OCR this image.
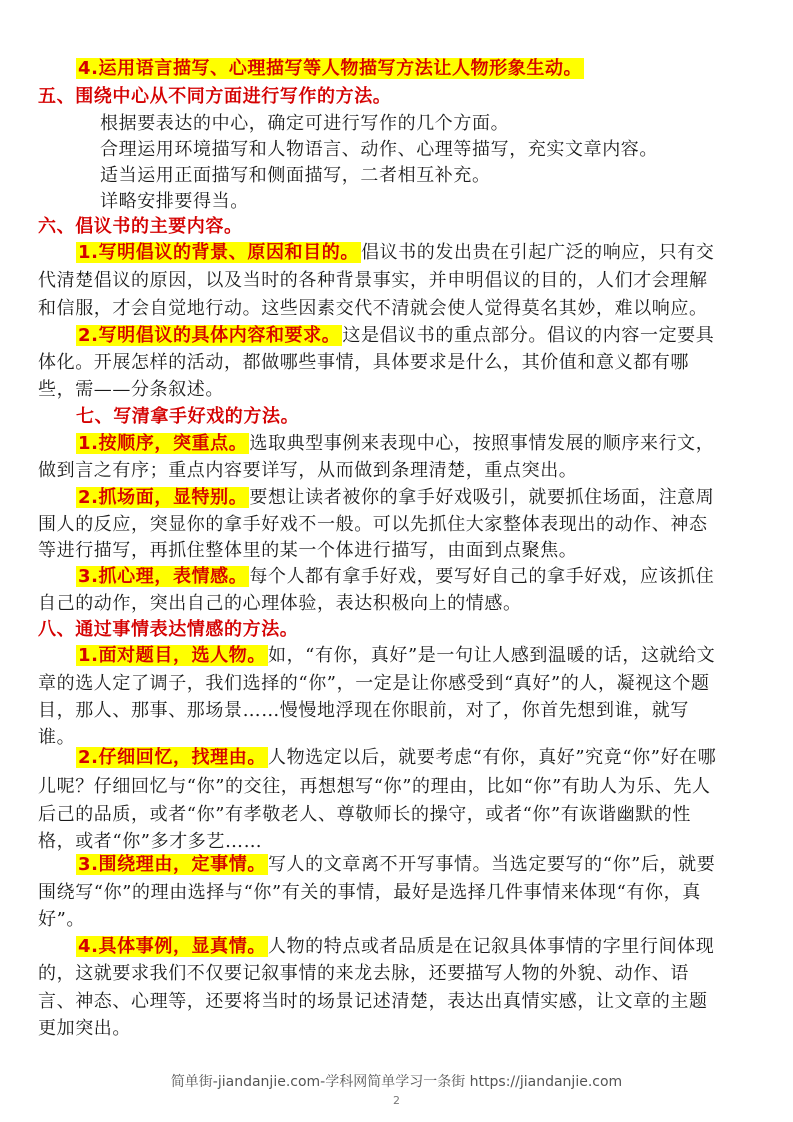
4.运用语言描写、心理描写等人物描写方法让人物形象生动。
五、围绕中心从不同方面进行写作的方法。
根据要表达的中心，确定可进行写作的几个方面。
合理运用环境描写和人物语言、动作、心理等描写，充实文章内容。
适当运用正面描写和侧面描写，二者相互补充。
详略安排要得当。
六、倡议书的主要内容。
1.写明倡议的背景、原因和目的。 倡议书的发出贵在引起广泛的响应，只有交
代清楚倡议的原因，以及当时的各种背景事实，并申明倡议的目的，人们才会理解
和信服，才会自觉地行动。这些因素交代不清就会使人觉得莫名其妙，难以响应。
2.写明倡议的具体内容和要求。 这是倡议书的重点部分。倡议的内容一定要具
体化。开展怎样的活动，都做哪些事情，具体要求是什么，其价值和意义都有哪
些，需——分条叙述。
七、写清拿手好戏的方法。
1.按顺序，突重点。 选取典型事例来表现中心，按照事情发展的顺序来行文，
做到言之有序；重点内容要详写，从而做到条理清楚，重点突出。
2.抓场面，显特别。 要想让读者被你的拿手好戏吸引，就要抓住场面，注意周
围人的反应，突显你的拿手好戏不一般。可以先抓住大家整体表现出的动作、神态
等进行描写，再抓住整体里的某一个体进行描写，由面到点聚焦。
3.抓心理，表情感。 每个人都有拿手好戏，要写好自己的拿手好戏，应该抓住
自己的动作，突出自己的心理体验，表达积极向上的情感。
八、通过事情表达情感的方法。
1.面对题目，选人物。 如，“有你，真好”是一句让人感到温暖的话，这就给文
章的选人定了调子，我们选择的“你”，一定是让你感受到“真好”的人，凝视这个题
目，那人、那事、那场景……慢慢地浮现在你眼前，对了，你首先想到谁，就写
谁。
2.仔细回忆，找理由。 人物选定以后，就要考虑“有你，真好”究竟“你”好在哪
儿呢？仔细回忆与“你”的交往，再想想写“你”的理由，比如“你”有助人为乐、先人
后己的品质，或者“你”有孝敬老人、尊敬师长的操守，或者“你”有诙谐幽默的性
格，或者“你”多才多艺……
3.围绕理由，定事情。 写人的文章离不开写事情。当选定要写的“你”后，就要
围绕写“你”的理由选择与“你”有关的事情，最好是选择几件事情来体现“有你，真
好”。
4.具体事例，显真情。 人物的特点或者品质是在记叙具体事情的字里行间体现
的，这就要求我们不仅要记叙事情的来龙去脉，还要描写人物的外貌、动作、语
言、神态、心理等，还要将当时的场景记述清楚，表达出真情实感，让文章的主题
更加突出。
简单街-jiandanjie.com-学科网简单学习一条街 https://jiandanjie.com
2
